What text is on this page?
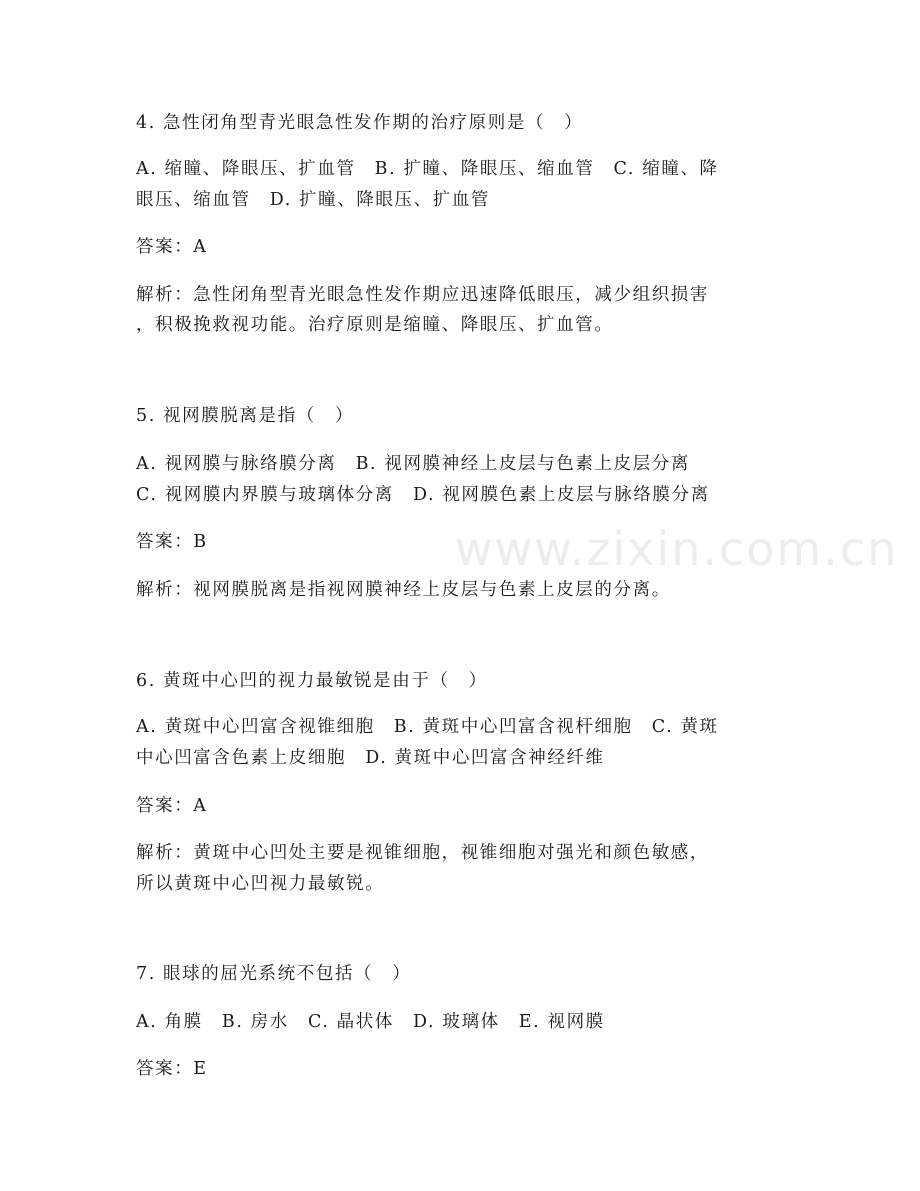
www.zixin.com.cn
4. 急性闭角型青光眼急性发作期的治疗原则是（　）
A. 缩瞳、降眼压、扩血管　B. 扩瞳、降眼压、缩血管　C. 缩瞳、降
眼压、缩血管　D. 扩瞳、降眼压、扩血管
答案：A
解析：急性闭角型青光眼急性发作期应迅速降低眼压，减少组织损害
，积极挽救视功能。治疗原则是缩瞳、降眼压、扩血管。
5. 视网膜脱离是指（　）
A. 视网膜与脉络膜分离　B. 视网膜神经上皮层与色素上皮层分离
C. 视网膜内界膜与玻璃体分离　D. 视网膜色素上皮层与脉络膜分离
答案：B
解析：视网膜脱离是指视网膜神经上皮层与色素上皮层的分离。
6. 黄斑中心凹的视力最敏锐是由于（　）
A. 黄斑中心凹富含视锥细胞　B. 黄斑中心凹富含视杆细胞　C. 黄斑
中心凹富含色素上皮细胞　D. 黄斑中心凹富含神经纤维
答案：A
解析：黄斑中心凹处主要是视锥细胞，视锥细胞对强光和颜色敏感，
所以黄斑中心凹视力最敏锐。
7. 眼球的屈光系统不包括（　）
A. 角膜　B. 房水　C. 晶状体　D. 玻璃体　E. 视网膜
答案：E
